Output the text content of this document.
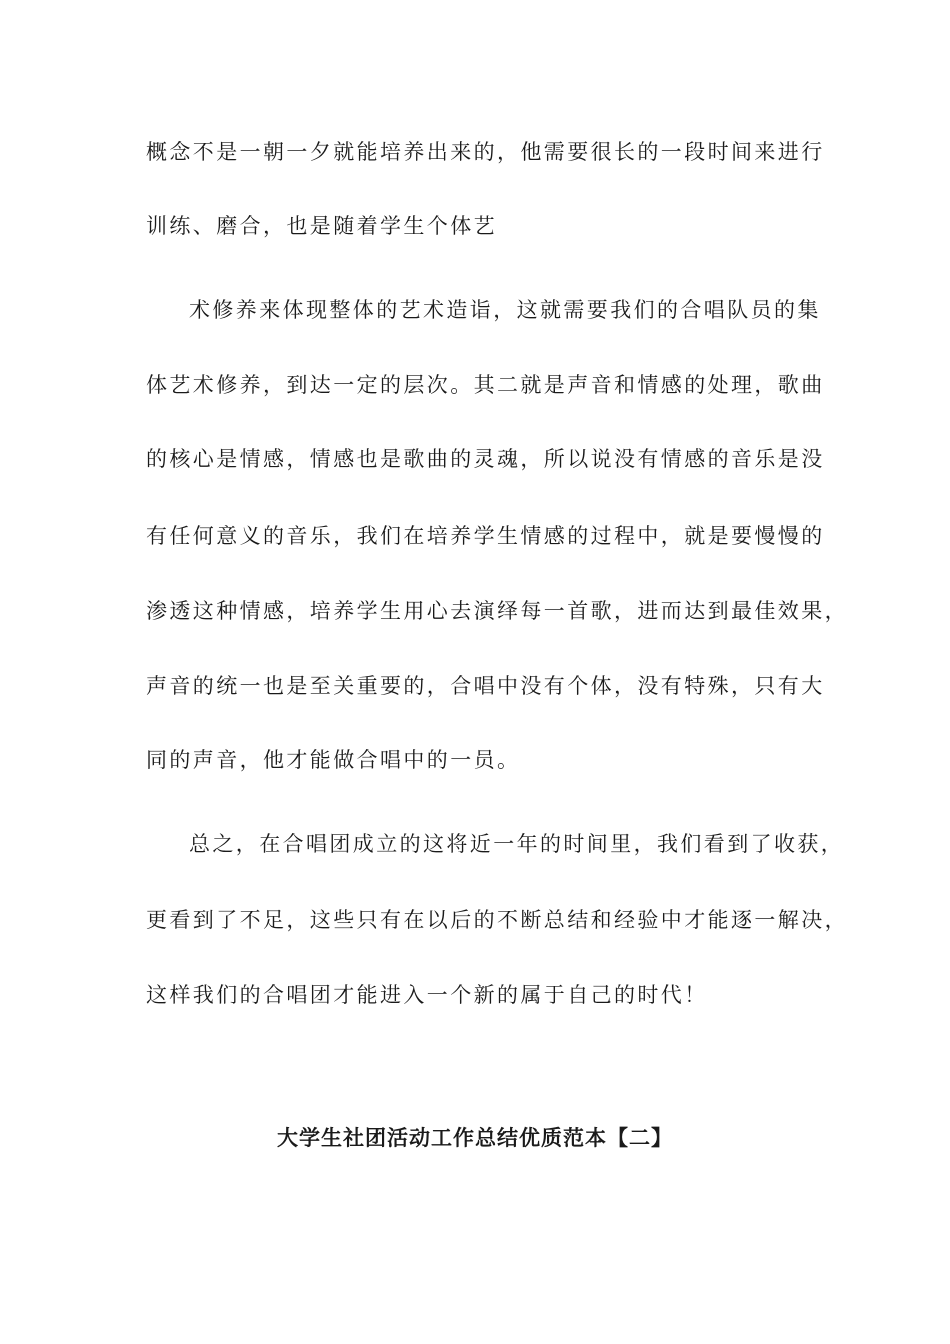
概念不是一朝一夕就能培养出来的，他需要很长的一段时间来进行
训练、磨合，也是随着学生个体艺
术修养来体现整体的艺术造诣，这就需要我们的合唱队员的集
体艺术修养，到达一定的层次。其二就是声音和情感的处理，歌曲
的核心是情感，情感也是歌曲的灵魂，所以说没有情感的音乐是没
有任何意义的音乐，我们在培养学生情感的过程中，就是要慢慢的
渗透这种情感，培养学生用心去演绎每一首歌，进而达到最佳效果，
声音的统一也是至关重要的，合唱中没有个体，没有特殊，只有大
同的声音，他才能做合唱中的一员。
总之，在合唱团成立的这将近一年的时间里，我们看到了收获，
更看到了不足，这些只有在以后的不断总结和经验中才能逐一解决，
这样我们的合唱团才能进入一个新的属于自己的时代！
大学生社团活动工作总结优质范本【二】
